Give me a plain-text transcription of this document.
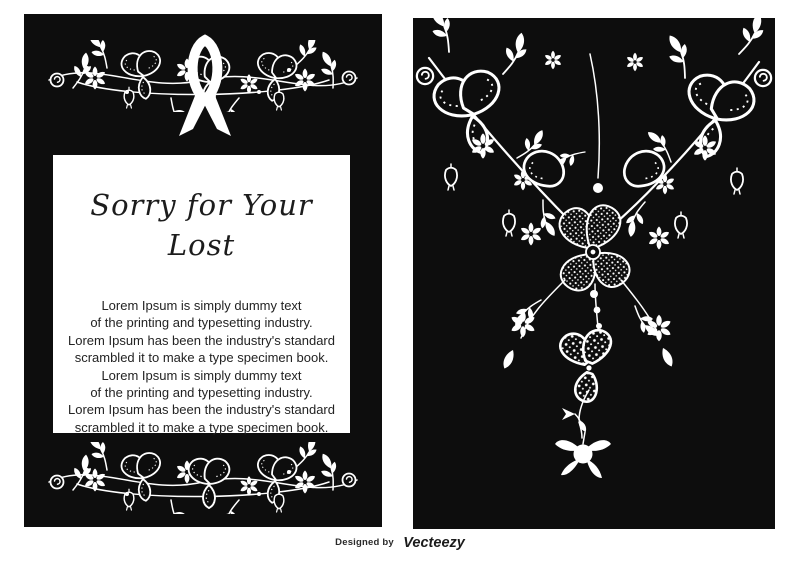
Sorry for Your Lost
Lorem Ipsum is simply dummy text
of the printing and typesetting industry.
Lorem Ipsum has been the industry's standard
scrambled it to make a type specimen book.
Lorem Ipsum is simply dummy text
of the printing and typesetting industry.
Lorem Ipsum has been the industry's standard
scrambled it to make a type specimen book.
Designed by Vecteezy
